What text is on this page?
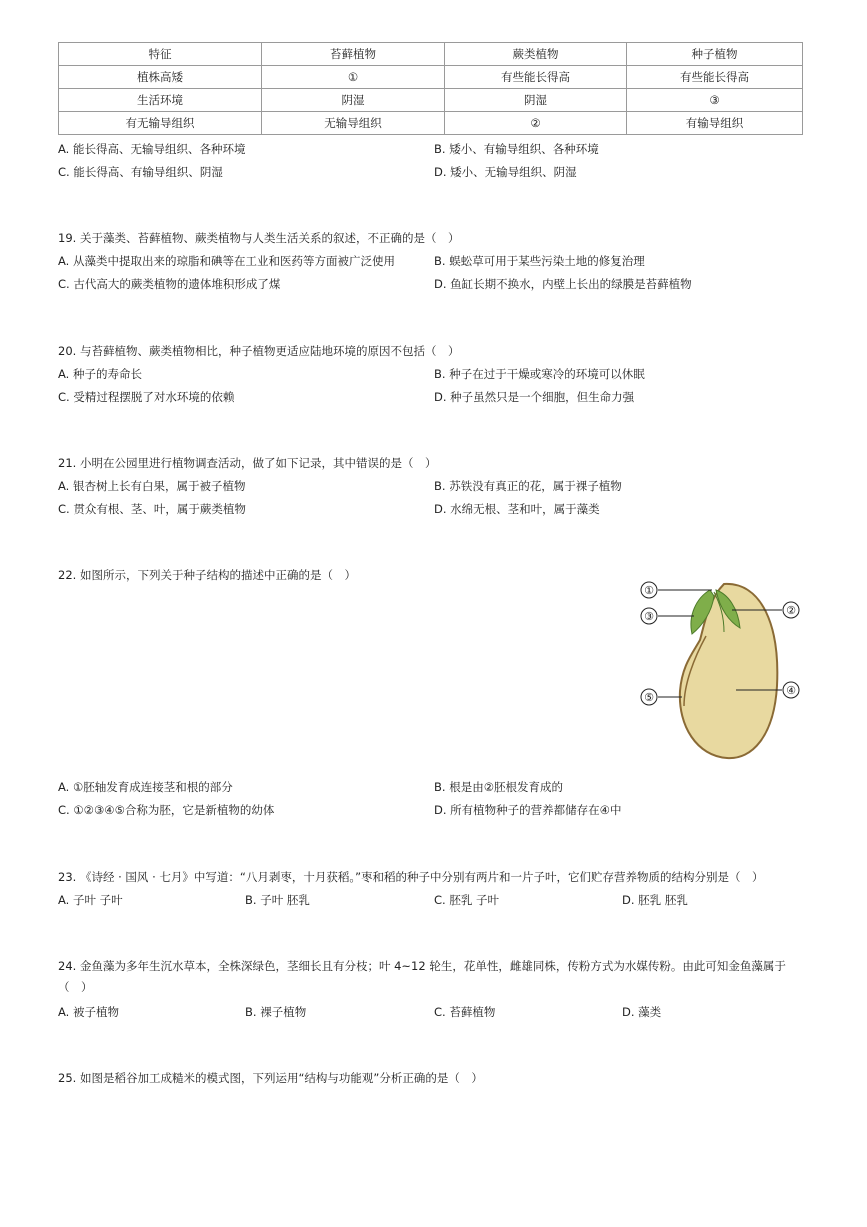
特征	苔藓植物	蕨类植物	种子植物
植株高矮	①	有些能长得高	有些能长得高
生活环境	阴湿	阴湿	③
有无输导组织	无输导组织	②	有输导组织
A. 能长得高、无输导组织、各种环境	B. 矮小、有输导组织、各种环境
C. 能长得高、有输导组织、阴湿	D. 矮小、无输导组织、阴湿
19. 关于藻类、苔藓植物、蕨类植物与人类生活关系的叙述，不正确的是（　）
A. 从藻类中提取出来的琼脂和碘等在工业和医药等方面被广泛使用	B. 蜈蚣草可用于某些污染土地的修复治理
C. 古代高大的蕨类植物的遗体堆积形成了煤	D. 鱼缸长期不换水，内壁上长出的绿膜是苔藓植物
20. 与苔藓植物、蕨类植物相比，种子植物更适应陆地环境的原因不包括（　）
A. 种子的寿命长	B. 种子在过于干燥或寒冷的环境可以休眠
C. 受精过程摆脱了对水环境的依赖	D. 种子虽然只是一个细胞，但生命力强
21. 小明在公园里进行植物调查活动，做了如下记录，其中错误的是（　）
A. 银杏树上长有白果，属于被子植物	B. 苏铁没有真正的花，属于裸子植物
C. 贯众有根、茎、叶，属于蕨类植物	D. 水绵无根、茎和叶，属于藻类
22. 如图所示，下列关于种子结构的描述中正确的是（　）
①
②
③
④
⑤
A. ①胚轴发育成连接茎和根的部分	B. 根是由②胚根发育成的
C. ①②③④⑤合称为胚，它是新植物的幼体	D. 所有植物种子的营养都储存在④中
23. 《诗经 · 国风 · 七月》中写道：“八月剥枣，十月获稻。”枣和稻的种子中分别有两片和一片子叶，它们贮存营养物质的结构分别是（　）
A. 子叶 子叶	B. 子叶 胚乳	C. 胚乳 子叶	D. 胚乳 胚乳
24. 金鱼藻为多年生沉水草本，全株深绿色，茎细长且有分枝；叶 4~12 轮生，花单性，雌雄同株，传粉方式为水媒传粉。由此可知金鱼藻属于（　）
A. 被子植物	B. 裸子植物	C. 苔藓植物	D. 藻类
25. 如图是稻谷加工成糙米的模式图，下列运用“结构与功能观”分析正确的是（　）
